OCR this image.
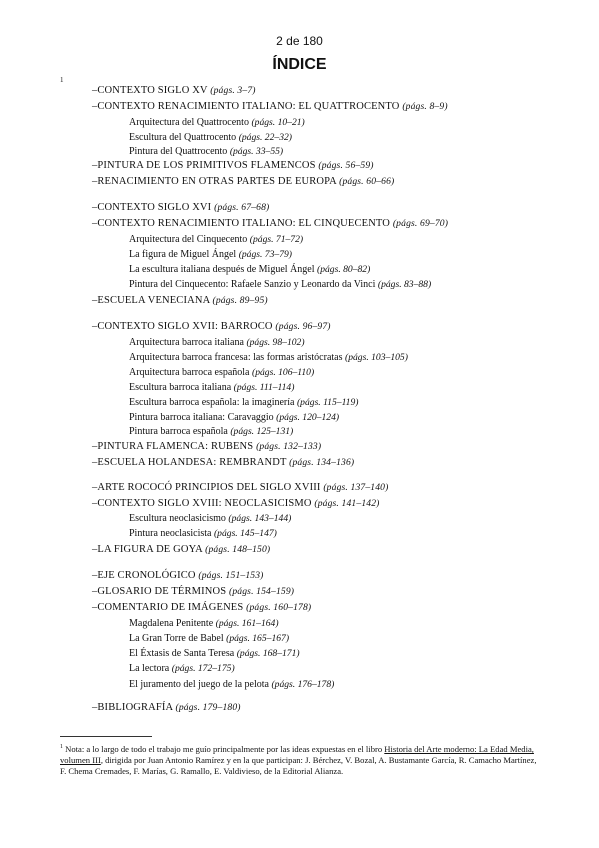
2 de 180
ÍNDICE
1
–CONTEXTO SIGLO XV (págs. 3–7)
–CONTEXTO RENACIMIENTO ITALIANO: EL QUATTROCENTO (págs. 8–9)
Arquitectura del Quattrocento (págs. 10–21)
Escultura del Quattrocento (págs. 22–32)
Pintura del Quattrocento (págs. 33–55)
–PINTURA DE LOS PRIMITIVOS FLAMENCOS (págs. 56–59)
–RENACIMIENTO EN OTRAS PARTES DE EUROPA (págs. 60–66)
–CONTEXTO SIGLO XVI (págs. 67–68)
–CONTEXTO RENACIMIENTO ITALIANO: EL CINQUECENTO (págs. 69–70)
Arquitectura del Cinquecento (págs. 71–72)
La figura de Miguel Ángel (págs. 73–79)
La escultura italiana después de Miguel Ángel (págs. 80–82)
Pintura del Cinquecento: Rafaele Sanzio y Leonardo da Vinci (págs. 83–88)
–ESCUELA VENECIANA (págs. 89–95)
–CONTEXTO SIGLO XVII: BARROCO (págs. 96–97)
Arquitectura barroca italiana (págs. 98–102)
Arquitectura barroca francesa: las formas aristócratas (págs. 103–105)
Arquitectura barroca española (págs. 106–110)
Escultura barroca italiana (págs. 111–114)
Escultura barroca española: la imaginería (págs. 115–119)
Pintura barroca italiana: Caravaggio (págs. 120–124)
Pintura barroca española (págs. 125–131)
–PINTURA FLAMENCA: RUBENS (págs. 132–133)
–ESCUELA HOLANDESA: REMBRANDT (págs. 134–136)
–ARTE ROCOCÓ PRINCIPIOS DEL SIGLO XVIII (págs. 137–140)
–CONTEXTO SIGLO XVIII: NEOCLASICISMO (págs. 141–142)
Escultura neoclasicismo (págs. 143–144)
Pintura neoclasicista (págs. 145–147)
–LA FIGURA DE GOYA (págs. 148–150)
–EJE CRONOLÓGICO (págs. 151–153)
–GLOSARIO DE TÉRMINOS (págs. 154–159)
–COMENTARIO DE IMÁGENES (págs. 160–178)
Magdalena Penitente (págs. 161–164)
La Gran Torre de Babel (págs. 165–167)
El Éxtasis de Santa Teresa (págs. 168–171)
La lectora (págs. 172–175)
El juramento del juego de la pelota (págs. 176–178)
–BIBLIOGRAFÍA (págs. 179–180)
$^1$ Nota: a lo largo de todo el trabajo me guío principalmente por las ideas expuestas en el libro Historia del Arte moderno: La Edad Media, volumen III, dirigida por Juan Antonio Ramírez y en la que participan: J. Bérchez, V. Bozal, A. Bustamante García, R. Camacho Martínez, F. Chema Cremades, F. Marías, G. Ramallo, E. Valdivieso, de la Editorial Alianza.
